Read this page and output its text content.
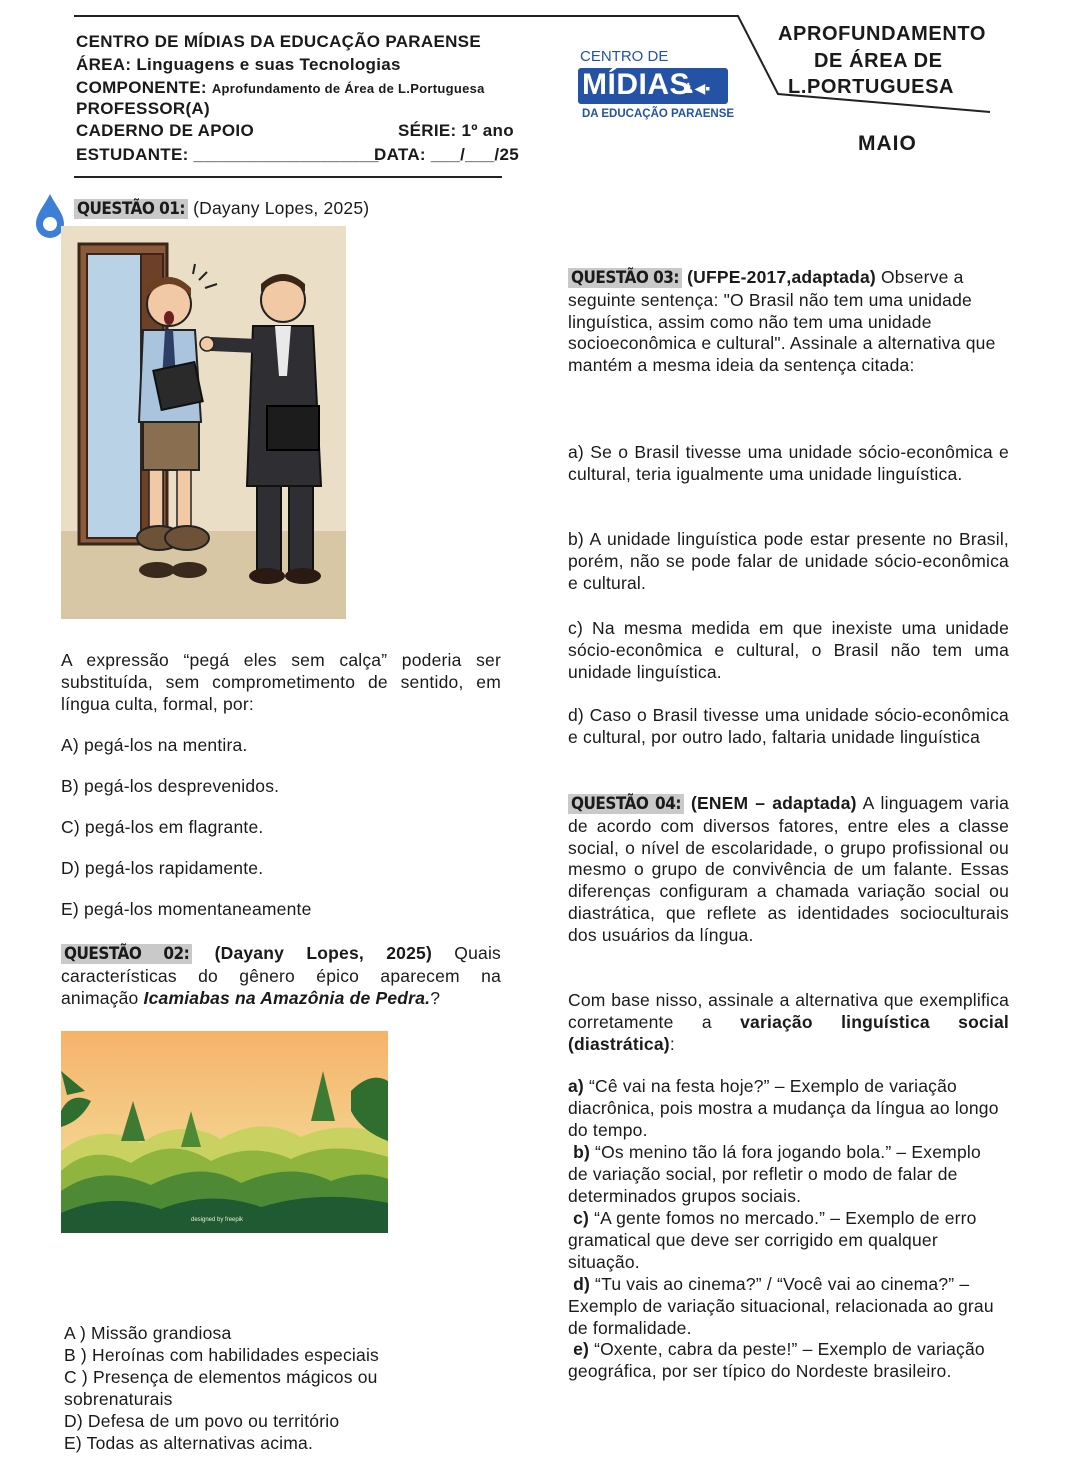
CENTRO DE MÍDIAS DA EDUCAÇÃO PARAENSE
ÁREA: Linguagens e suas Tecnologias
COMPONENTE: Aprofundamento de Área de L.Portuguesa
PROFESSOR(A)
CADERNO DE APOIO	SÉRIE: 1º ano
ESTUDANTE: ___________________
DATA: ___/___/25
CENTRO DE
MÍDIAS
♟◀▪
DA EDUCAÇÃO PARAENSE
APROFUNDAMENTO
DE ÁREA DE
L.PORTUGUESA
MAIO
QUESTÃO 01: (Dayany Lopes, 2025)
A expressão “pegá eles sem calça” poderia ser substituída, sem comprometimento de sentido, em língua culta, formal, por:
A) pegá-los na mentira.
B) pegá-los desprevenidos.
C) pegá-los em flagrante.
D) pegá-los rapidamente.
E) pegá-los momentaneamente
QUESTÃO 02: (Dayany Lopes, 2025) Quais características do gênero épico aparecem na animação Icamiabas na Amazônia de Pedra.?
designed by freepik
A ) Missão grandiosa
B ) Heroínas com habilidades especiais
C ) Presença de elementos mágicos ou sobrenaturais
D) Defesa de um povo ou território
E) Todas as alternativas acima.
QUESTÃO 03: (UFPE-2017,adaptada) Observe a seguinte sentença: "O Brasil não tem uma unidade linguística, assim como não tem uma unidade socioeconômica e cultural". Assinale a alternativa que mantém a mesma ideia da sentença citada:
a) Se o Brasil tivesse uma unidade sócio-econômica e cultural, teria igualmente uma unidade linguística.
b) A unidade linguística pode estar presente no Brasil, porém, não se pode falar de unidade sócio-econômica e cultural.
c) Na mesma medida em que inexiste uma unidade sócio-econômica e cultural, o Brasil não tem uma unidade linguística.
d) Caso o Brasil tivesse uma unidade sócio-econômica e cultural, por outro lado, faltaria unidade linguística
QUESTÃO 04: (ENEM – adaptada) A linguagem varia de acordo com diversos fatores, entre eles a classe social, o nível de escolaridade, o grupo profissional ou mesmo o grupo de convivência de um falante. Essas diferenças configuram a chamada variação social ou diastrática, que reflete as identidades socioculturais dos usuários da língua.
Com base nisso, assinale a alternativa que exemplifica corretamente a variação linguística social (diastrática):
a) “Cê vai na festa hoje?” – Exemplo de variação diacrônica, pois mostra a mudança da língua ao longo do tempo.
b) “Os menino tão lá fora jogando bola.” – Exemplo de variação social, por refletir o modo de falar de determinados grupos sociais.
c) “A gente fomos no mercado.” – Exemplo de erro gramatical que deve ser corrigido em qualquer situação.
d) “Tu vais ao cinema?” / “Você vai ao cinema?” – Exemplo de variação situacional, relacionada ao grau de formalidade.
e) “Oxente, cabra da peste!” – Exemplo de variação geográfica, por ser típico do Nordeste brasileiro.
